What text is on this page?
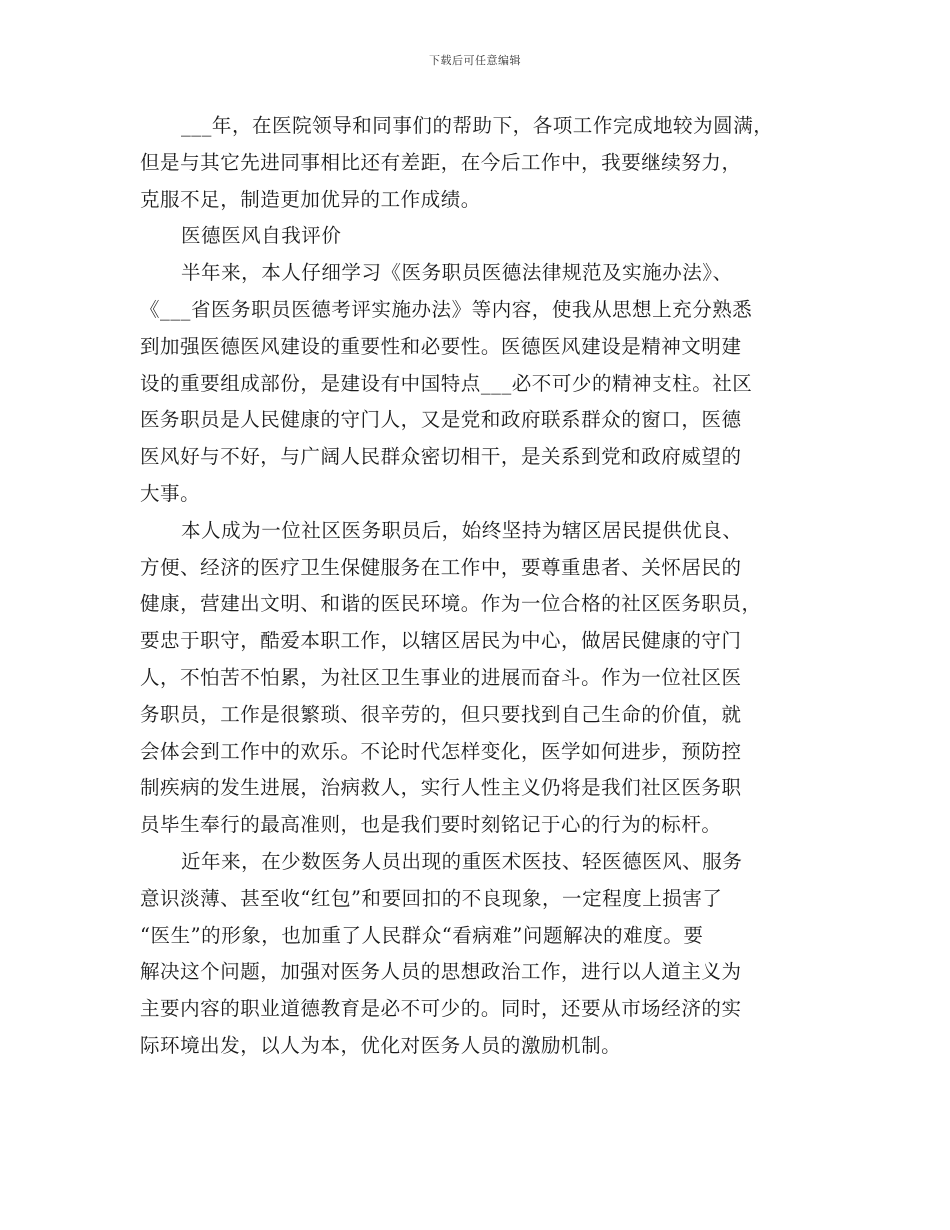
下载后可任意编辑
___年，在医院领导和同事们的帮助下，各项工作完成地较为圆满，
但是与其它先进同事相比还有差距，在今后工作中，我要继续努力，
克服不足，制造更加优异的工作成绩。
医德医风自我评价
半年来，本人仔细学习《医务职员医德法律规范及实施办法》、
《___省医务职员医德考评实施办法》等内容，使我从思想上充分熟悉
到加强医德医风建设的重要性和必要性。医德医风建设是精神文明建
设的重要组成部份，是建设有中国特点___必不可少的精神支柱。社区
医务职员是人民健康的守门人，又是党和政府联系群众的窗口，医德
医风好与不好，与广阔人民群众密切相干，是关系到党和政府威望的
大事。
本人成为一位社区医务职员后，始终坚持为辖区居民提供优良、
方便、经济的医疗卫生保健服务在工作中，要尊重患者、关怀居民的
健康，营建出文明、和谐的医民环境。作为一位合格的社区医务职员，
要忠于职守，酷爱本职工作，以辖区居民为中心，做居民健康的守门
人，不怕苦不怕累，为社区卫生事业的进展而奋斗。作为一位社区医
务职员，工作是很繁琐、很辛劳的，但只要找到自己生命的价值，就
会体会到工作中的欢乐。不论时代怎样变化，医学如何进步，预防控
制疾病的发生进展，治病救人，实行人性主义仍将是我们社区医务职
员毕生奉行的最高准则，也是我们要时刻铭记于心的行为的标杆。
近年来，在少数医务人员出现的重医术医技、轻医德医风、服务
意识淡薄、甚至收“红包”和要回扣的不良现象，一定程度上损害了
“医生”的形象，也加重了人民群众“看病难”问题解决的难度。要
解决这个问题，加强对医务人员的思想政治工作，进行以人道主义为
主要内容的职业道德教育是必不可少的。同时，还要从市场经济的实
际环境出发，以人为本，优化对医务人员的激励机制。
